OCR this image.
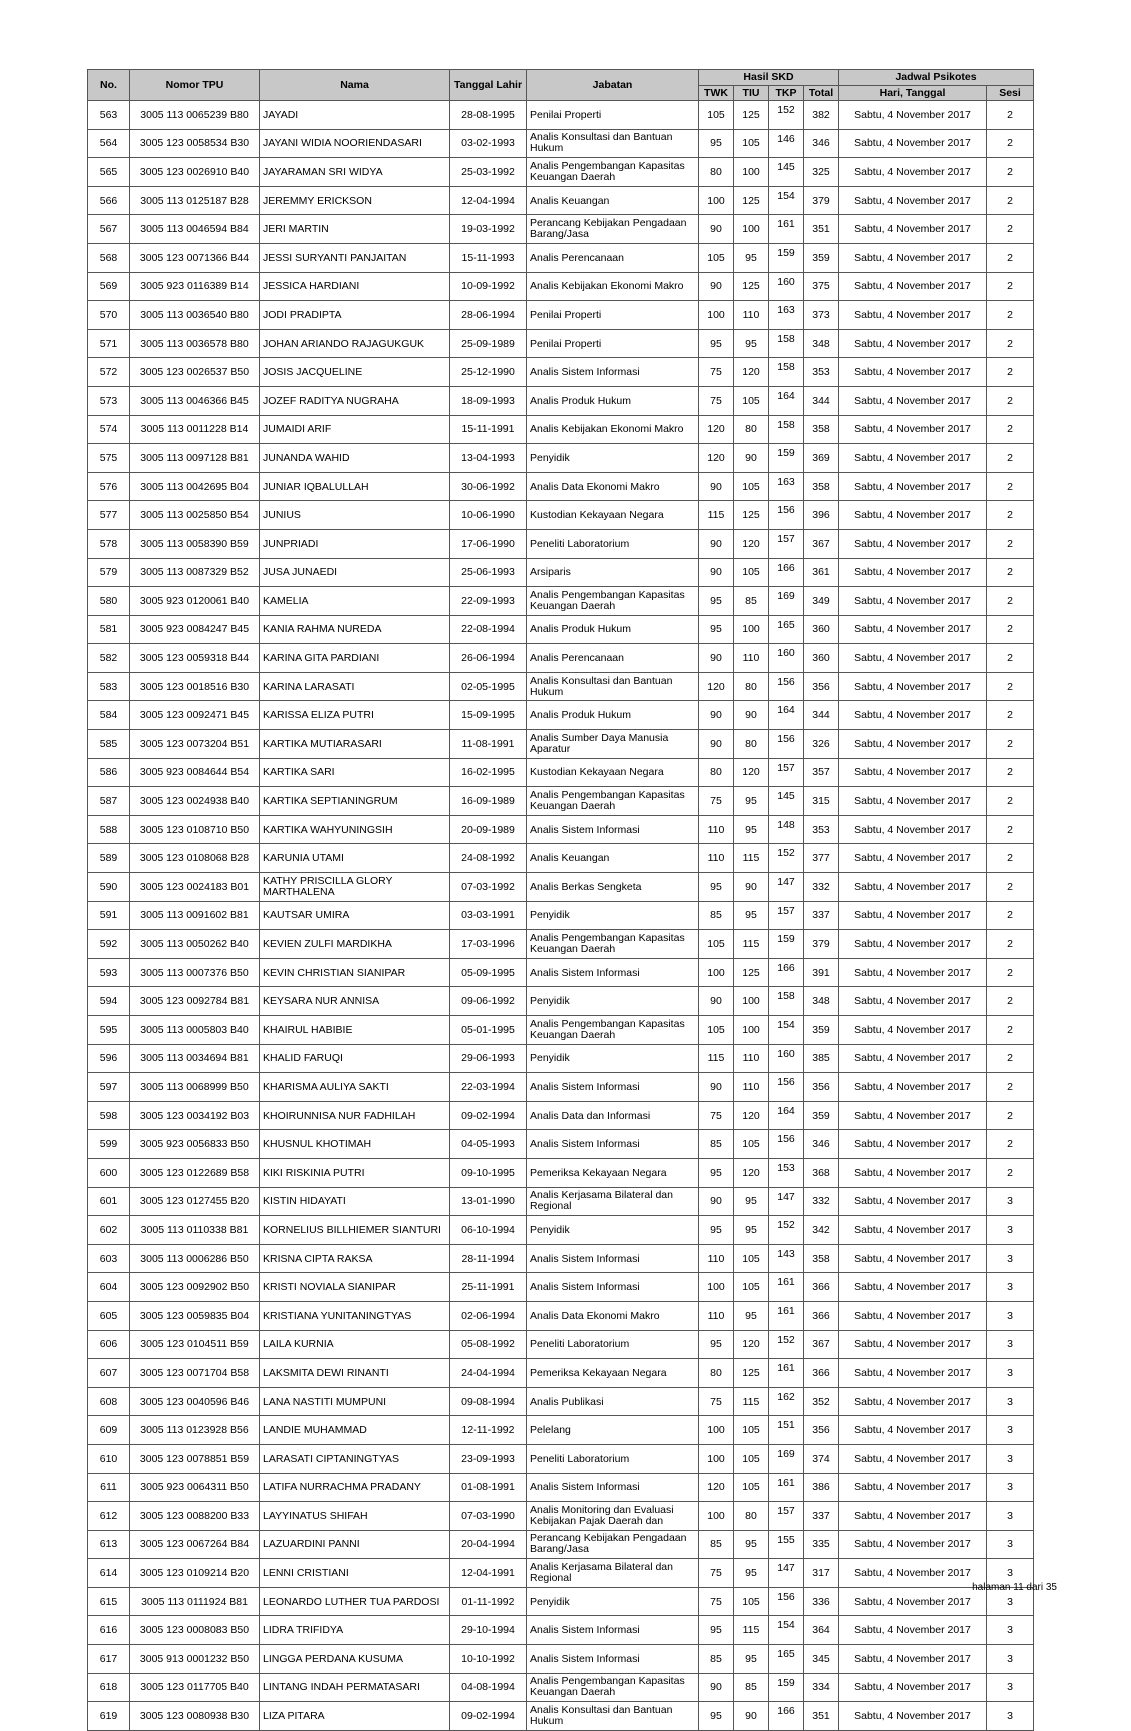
No.	Nomor TPU	Nama	Tanggal Lahir	Jabatan	Hasil SKD				Jadwal Psikotes	
					TWK	TIU	TKP	Total	Hari, Tanggal	Sesi
563	3005 113 0065239 B80	JAYADI	28-08-1995	Penilai Properti	105	125	152	382	Sabtu, 4 November 2017	2
564	3005 123 0058534 B30	JAYANI WIDIA NOORIENDASARI	03-02-1993	Analis Konsultasi dan Bantuan Hukum	95	105	146	346	Sabtu, 4 November 2017	2
565	3005 123 0026910 B40	JAYARAMAN SRI WIDYA	25-03-1992	Analis Pengembangan Kapasitas Keuangan Daerah	80	100	145	325	Sabtu, 4 November 2017	2
566	3005 113 0125187 B28	JEREMMY ERICKSON	12-04-1994	Analis Keuangan	100	125	154	379	Sabtu, 4 November 2017	2
567	3005 113 0046594 B84	JERI MARTIN	19-03-1992	Perancang Kebijakan Pengadaan Barang/Jasa	90	100	161	351	Sabtu, 4 November 2017	2
568	3005 123 0071366 B44	JESSI SURYANTI PANJAITAN	15-11-1993	Analis Perencanaan	105	95	159	359	Sabtu, 4 November 2017	2
569	3005 923 0116389 B14	JESSICA HARDIANI	10-09-1992	Analis Kebijakan Ekonomi Makro	90	125	160	375	Sabtu, 4 November 2017	2
570	3005 113 0036540 B80	JODI PRADIPTA	28-06-1994	Penilai Properti	100	110	163	373	Sabtu, 4 November 2017	2
571	3005 113 0036578 B80	JOHAN ARIANDO RAJAGUKGUK	25-09-1989	Penilai Properti	95	95	158	348	Sabtu, 4 November 2017	2
572	3005 123 0026537 B50	JOSIS JACQUELINE	25-12-1990	Analis Sistem Informasi	75	120	158	353	Sabtu, 4 November 2017	2
573	3005 113 0046366 B45	JOZEF RADITYA NUGRAHA	18-09-1993	Analis Produk Hukum	75	105	164	344	Sabtu, 4 November 2017	2
574	3005 113 0011228 B14	JUMAIDI ARIF	15-11-1991	Analis Kebijakan Ekonomi Makro	120	80	158	358	Sabtu, 4 November 2017	2
575	3005 113 0097128 B81	JUNANDA WAHID	13-04-1993	Penyidik	120	90	159	369	Sabtu, 4 November 2017	2
576	3005 113 0042695 B04	JUNIAR IQBALULLAH	30-06-1992	Analis Data Ekonomi Makro	90	105	163	358	Sabtu, 4 November 2017	2
577	3005 113 0025850 B54	JUNIUS	10-06-1990	Kustodian Kekayaan Negara	115	125	156	396	Sabtu, 4 November 2017	2
578	3005 113 0058390 B59	JUNPRIADI	17-06-1990	Peneliti Laboratorium	90	120	157	367	Sabtu, 4 November 2017	2
579	3005 113 0087329 B52	JUSA JUNAEDI	25-06-1993	Arsiparis	90	105	166	361	Sabtu, 4 November 2017	2
580	3005 923 0120061 B40	KAMELIA	22-09-1993	Analis Pengembangan Kapasitas Keuangan Daerah	95	85	169	349	Sabtu, 4 November 2017	2
581	3005 923 0084247 B45	KANIA RAHMA NUREDA	22-08-1994	Analis Produk Hukum	95	100	165	360	Sabtu, 4 November 2017	2
582	3005 123 0059318 B44	KARINA GITA PARDIANI	26-06-1994	Analis Perencanaan	90	110	160	360	Sabtu, 4 November 2017	2
583	3005 123 0018516 B30	KARINA LARASATI	02-05-1995	Analis Konsultasi dan Bantuan Hukum	120	80	156	356	Sabtu, 4 November 2017	2
584	3005 123 0092471 B45	KARISSA ELIZA PUTRI	15-09-1995	Analis Produk Hukum	90	90	164	344	Sabtu, 4 November 2017	2
585	3005 123 0073204 B51	KARTIKA MUTIARASARI	11-08-1991	Analis Sumber Daya Manusia Aparatur	90	80	156	326	Sabtu, 4 November 2017	2
586	3005 923 0084644 B54	KARTIKA SARI	16-02-1995	Kustodian Kekayaan Negara	80	120	157	357	Sabtu, 4 November 2017	2
587	3005 123 0024938 B40	KARTIKA SEPTIANINGRUM	16-09-1989	Analis Pengembangan Kapasitas Keuangan Daerah	75	95	145	315	Sabtu, 4 November 2017	2
588	3005 123 0108710 B50	KARTIKA WAHYUNINGSIH	20-09-1989	Analis Sistem Informasi	110	95	148	353	Sabtu, 4 November 2017	2
589	3005 123 0108068 B28	KARUNIA UTAMI	24-08-1992	Analis Keuangan	110	115	152	377	Sabtu, 4 November 2017	2
590	3005 123 0024183 B01	KATHY PRISCILLA GLORY MARTHALENA	07-03-1992	Analis Berkas Sengketa	95	90	147	332	Sabtu, 4 November 2017	2
591	3005 113 0091602 B81	KAUTSAR UMIRA	03-03-1991	Penyidik	85	95	157	337	Sabtu, 4 November 2017	2
592	3005 113 0050262 B40	KEVIEN ZULFI MARDIKHA	17-03-1996	Analis Pengembangan Kapasitas Keuangan Daerah	105	115	159	379	Sabtu, 4 November 2017	2
593	3005 113 0007376 B50	KEVIN CHRISTIAN SIANIPAR	05-09-1995	Analis Sistem Informasi	100	125	166	391	Sabtu, 4 November 2017	2
594	3005 123 0092784 B81	KEYSARA NUR ANNISA	09-06-1992	Penyidik	90	100	158	348	Sabtu, 4 November 2017	2
595	3005 113 0005803 B40	KHAIRUL HABIBIE	05-01-1995	Analis Pengembangan Kapasitas Keuangan Daerah	105	100	154	359	Sabtu, 4 November 2017	2
596	3005 113 0034694 B81	KHALID FARUQI	29-06-1993	Penyidik	115	110	160	385	Sabtu, 4 November 2017	2
597	3005 113 0068999 B50	KHARISMA AULIYA SAKTI	22-03-1994	Analis Sistem Informasi	90	110	156	356	Sabtu, 4 November 2017	2
598	3005 123 0034192 B03	KHOIRUNNISA NUR FADHILAH	09-02-1994	Analis Data dan Informasi	75	120	164	359	Sabtu, 4 November 2017	2
599	3005 923 0056833 B50	KHUSNUL KHOTIMAH	04-05-1993	Analis Sistem Informasi	85	105	156	346	Sabtu, 4 November 2017	2
600	3005 123 0122689 B58	KIKI RISKINIA PUTRI	09-10-1995	Pemeriksa Kekayaan Negara	95	120	153	368	Sabtu, 4 November 2017	2
601	3005 123 0127455 B20	KISTIN HIDAYATI	13-01-1990	Analis Kerjasama Bilateral dan Regional	90	95	147	332	Sabtu, 4 November 2017	3
602	3005 113 0110338 B81	KORNELIUS BILLHIEMER SIANTURI	06-10-1994	Penyidik	95	95	152	342	Sabtu, 4 November 2017	3
603	3005 113 0006286 B50	KRISNA CIPTA RAKSA	28-11-1994	Analis Sistem Informasi	110	105	143	358	Sabtu, 4 November 2017	3
604	3005 123 0092902 B50	KRISTI NOVIALA SIANIPAR	25-11-1991	Analis Sistem Informasi	100	105	161	366	Sabtu, 4 November 2017	3
605	3005 123 0059835 B04	KRISTIANA YUNITANINGTYAS	02-06-1994	Analis Data Ekonomi Makro	110	95	161	366	Sabtu, 4 November 2017	3
606	3005 123 0104511 B59	LAILA KURNIA	05-08-1992	Peneliti Laboratorium	95	120	152	367	Sabtu, 4 November 2017	3
607	3005 123 0071704 B58	LAKSMITA DEWI RINANTI	24-04-1994	Pemeriksa Kekayaan Negara	80	125	161	366	Sabtu, 4 November 2017	3
608	3005 123 0040596 B46	LANA NASTITI MUMPUNI	09-08-1994	Analis Publikasi	75	115	162	352	Sabtu, 4 November 2017	3
609	3005 113 0123928 B56	LANDIE MUHAMMAD	12-11-1992	Pelelang	100	105	151	356	Sabtu, 4 November 2017	3
610	3005 123 0078851 B59	LARASATI CIPTANINGTYAS	23-09-1993	Peneliti Laboratorium	100	105	169	374	Sabtu, 4 November 2017	3
611	3005 923 0064311 B50	LATIFA NURRACHMA PRADANY	01-08-1991	Analis Sistem Informasi	120	105	161	386	Sabtu, 4 November 2017	3
612	3005 123 0088200 B33	LAYYINATUS SHIFAH	07-03-1990	Analis Monitoring dan Evaluasi Kebijakan Pajak Daerah dan	100	80	157	337	Sabtu, 4 November 2017	3
613	3005 123 0067264 B84	LAZUARDINI PANNI	20-04-1994	Perancang Kebijakan Pengadaan Barang/Jasa	85	95	155	335	Sabtu, 4 November 2017	3
614	3005 123 0109214 B20	LENNI CRISTIANI	12-04-1991	Analis Kerjasama Bilateral dan Regional	75	95	147	317	Sabtu, 4 November 2017	3
615	3005 113 0111924 B81	LEONARDO LUTHER TUA PARDOSI	01-11-1992	Penyidik	75	105	156	336	Sabtu, 4 November 2017	3
616	3005 123 0008083 B50	LIDRA TRIFIDYA	29-10-1994	Analis Sistem Informasi	95	115	154	364	Sabtu, 4 November 2017	3
617	3005 913 0001232 B50	LINGGA PERDANA KUSUMA	10-10-1992	Analis Sistem Informasi	85	95	165	345	Sabtu, 4 November 2017	3
618	3005 123 0117705 B40	LINTANG INDAH PERMATASARI	04-08-1994	Analis Pengembangan Kapasitas Keuangan Daerah	90	85	159	334	Sabtu, 4 November 2017	3
619	3005 123 0080938 B30	LIZA PITARA	09-02-1994	Analis Konsultasi dan Bantuan Hukum	95	90	166	351	Sabtu, 4 November 2017	3
halaman 11 dari 35
